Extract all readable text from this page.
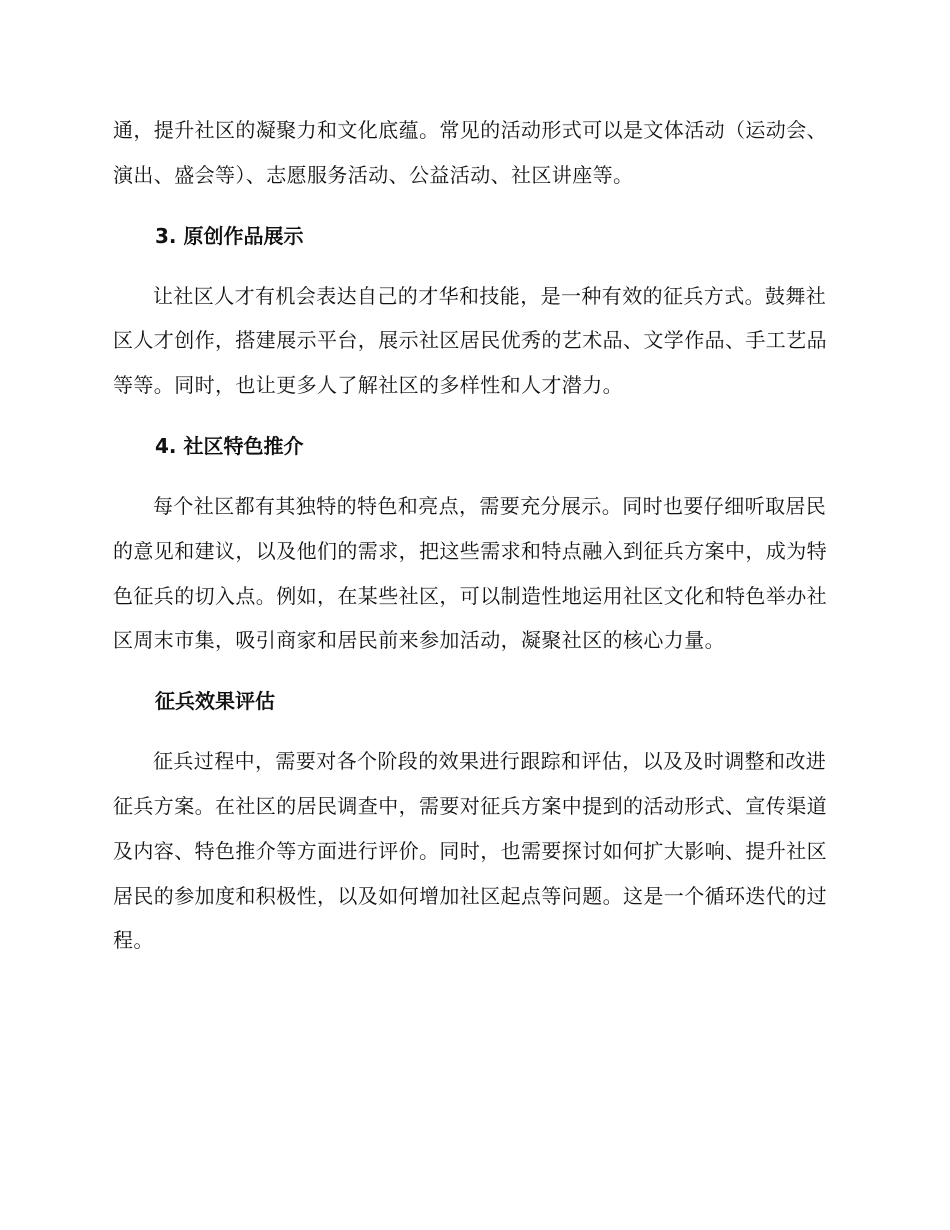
通，提升社区的凝聚力和文化底蕴。常见的活动形式可以是文体活动（运动会、演出、盛会等）、志愿服务活动、公益活动、社区讲座等。

3. 原创作品展示

让社区人才有机会表达自己的才华和技能，是一种有效的征兵方式。鼓舞社区人才创作，搭建展示平台，展示社区居民优秀的艺术品、文学作品、手工艺品等等。同时，也让更多人了解社区的多样性和人才潜力。

4. 社区特色推介

每个社区都有其独特的特色和亮点，需要充分展示。同时也要仔细听取居民的意见和建议，以及他们的需求，把这些需求和特点融入到征兵方案中，成为特色征兵的切入点。例如，在某些社区，可以制造性地运用社区文化和特色举办社区周末市集，吸引商家和居民前来参加活动，凝聚社区的核心力量。

征兵效果评估

征兵过程中，需要对各个阶段的效果进行跟踪和评估，以及及时调整和改进征兵方案。在社区的居民调查中，需要对征兵方案中提到的活动形式、宣传渠道及内容、特色推介等方面进行评价。同时，也需要探讨如何扩大影响、提升社区居民的参加度和积极性，以及如何增加社区起点等问题。这是一个循环迭代的过程。
